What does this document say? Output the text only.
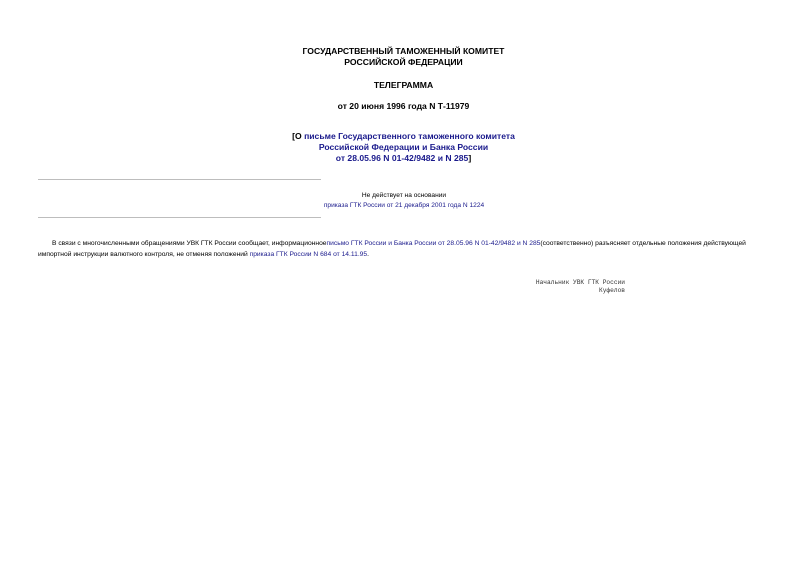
ГОСУДАРСТВЕННЫЙ ТАМОЖЕННЫЙ КОМИТЕТ
РОССИЙСКОЙ ФЕДЕРАЦИИ
ТЕЛЕГРАММА
от 20 июня 1996 года N Т-11979
[О письме Государственного таможенного комитета
Российской Федерации и Банка России
от 28.05.96 N 01-42/9482 и N 285]
Не действует на основании
приказа ГТК России от 21 декабря 2001 года N 1224
В связи с многочисленными обращениями УВК ГТК России сообщает, информационноеписьмо ГТК России и Банка России от 28.05.96 N 01-42/9482 и N 285(соответственно) разъясняет отдельные положения действующей импортной инструкции валютного контроля, не отменяя положений приказа ГТК России N 684 от 14.11.95.
Начальник УВК ГТК России
Куфелов
